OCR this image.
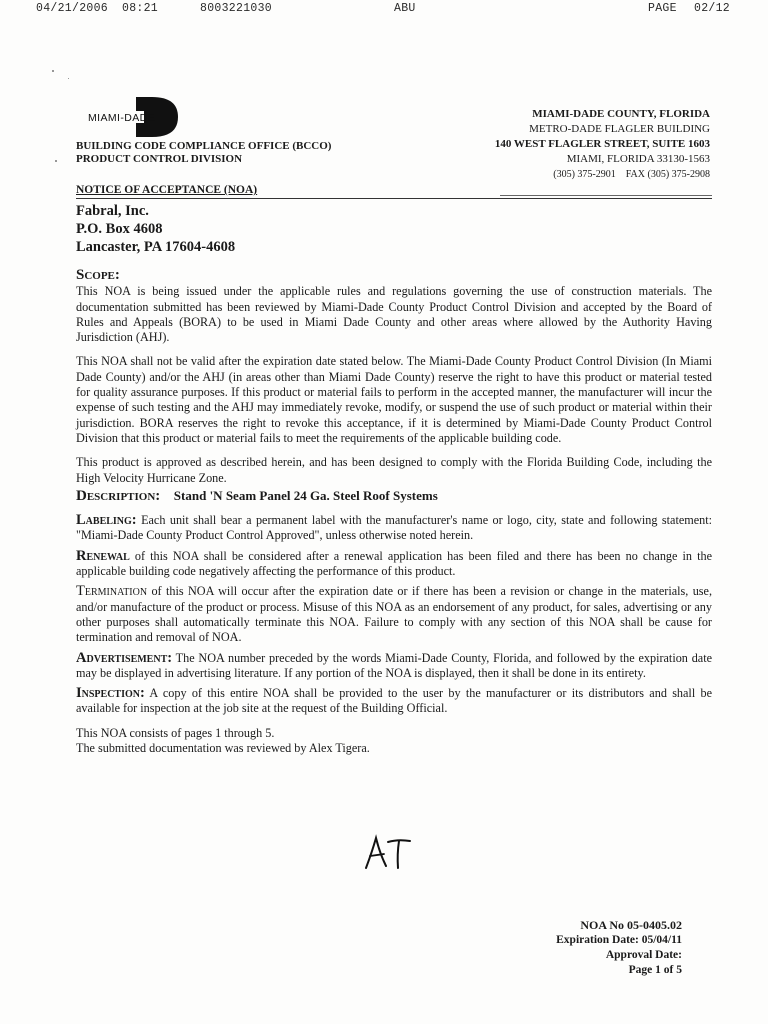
04/21/2006 08:21	8003221030	ABU	PAGE 02/12
MIAMI-DADE
BUILDING CODE COMPLIANCE OFFICE (BCCO)
PRODUCT CONTROL DIVISION
MIAMI-DADE COUNTY, FLORIDA
METRO-DADE FLAGLER BUILDING
140 WEST FLAGLER STREET, SUITE 1603
MIAMI, FLORIDA 33130-1563
(305) 375-2901 FAX (305) 375-2908
NOTICE OF ACCEPTANCE (NOA)
Fabral, Inc.
P.O. Box 4608
Lancaster, PA 17604-4608
Scope:

This NOA is being issued under the applicable rules and regulations governing the use of construction materials. The documentation submitted has been reviewed by Miami-Dade County Product Control Division and accepted by the Board of Rules and Appeals (BORA) to be used in Miami Dade County and other areas where allowed by the Authority Having Jurisdiction (AHJ).

This NOA shall not be valid after the expiration date stated below. The Miami-Dade County Product Control Division (In Miami Dade County) and/or the AHJ (in areas other than Miami Dade County) reserve the right to have this product or material tested for quality assurance purposes. If this product or material fails to perform in the accepted manner, the manufacturer will incur the expense of such testing and the AHJ may immediately revoke, modify, or suspend the use of such product or material within their jurisdiction. BORA reserves the right to revoke this acceptance, if it is determined by Miami-Dade County Product Control Division that this product or material fails to meet the requirements of the applicable building code.

This product is approved as described herein, and has been designed to comply with the Florida Building Code, including the High Velocity Hurricane Zone.

Description: Stand 'N Seam Panel 24 Ga. Steel Roof Systems

Labeling: Each unit shall bear a permanent label with the manufacturer's name or logo, city, state and following statement: "Miami-Dade County Product Control Approved", unless otherwise noted herein.

Renewal of this NOA shall be considered after a renewal application has been filed and there has been no change in the applicable building code negatively affecting the performance of this product.

Termination of this NOA will occur after the expiration date or if there has been a revision or change in the materials, use, and/or manufacture of the product or process. Misuse of this NOA as an endorsement of any product, for sales, advertising or any other purposes shall automatically terminate this NOA. Failure to comply with any section of this NOA shall be cause for termination and removal of NOA.

Advertisement: The NOA number preceded by the words Miami-Dade County, Florida, and followed by the expiration date may be displayed in advertising literature. If any portion of the NOA is displayed, then it shall be done in its entirety.

Inspection: A copy of this entire NOA shall be provided to the user by the manufacturer or its distributors and shall be available for inspection at the job site at the request of the Building Official.

This NOA consists of pages 1 through 5.

The submitted documentation was reviewed by Alex Tigera.

NOA No 05-0405.02
Expiration Date: 05/04/11
Approval Date:
Page 1 of 5
